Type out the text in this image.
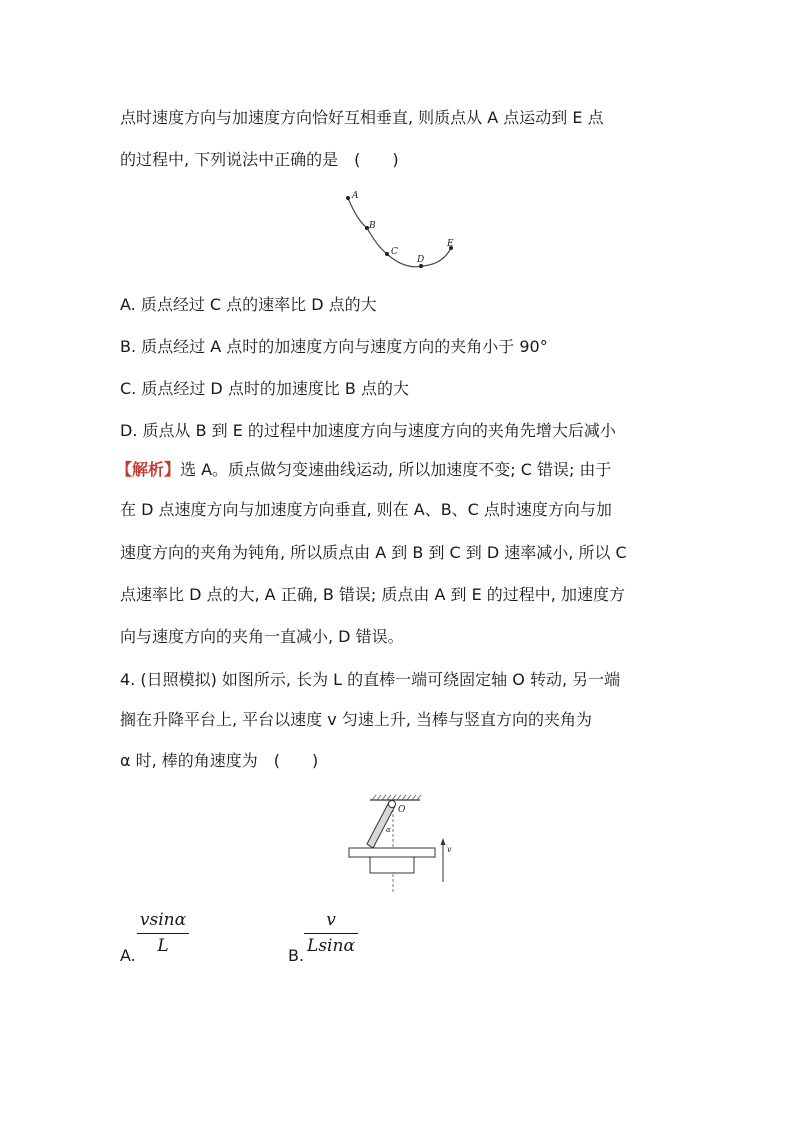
点时速度方向与加速度方向恰好互相垂直, 则质点从 A 点运动到 E 点
的过程中, 下列说法中正确的是　(　　)
A
B
C
D
E
A. 质点经过 C 点的速率比 D 点的大
B. 质点经过 A 点时的加速度方向与速度方向的夹角小于 90°
C. 质点经过 D 点时的加速度比 B 点的大
D. 质点从 B 到 E 的过程中加速度方向与速度方向的夹角先增大后减小
【解析】选 A。质点做匀变速曲线运动, 所以加速度不变; C 错误; 由于
在 D 点速度方向与加速度方向垂直, 则在 A、B、C 点时速度方向与加
速度方向的夹角为钝角, 所以质点由 A 到 B 到 C 到 D 速率减小, 所以 C
点速率比 D 点的大, A 正确, B 错误; 质点由 A 到 E 的过程中, 加速度方
向与速度方向的夹角一直减小, D 错误。
4. (日照模拟) 如图所示, 长为 L 的直棒一端可绕固定轴 O 转动, 另一端
搁在升降平台上, 平台以速度 v 匀速上升, 当棒与竖直方向的夹角为
α 时, 棒的角速度为　(　　)
O
α
v
A.
vsinα
L	B.
v
Lsinα
